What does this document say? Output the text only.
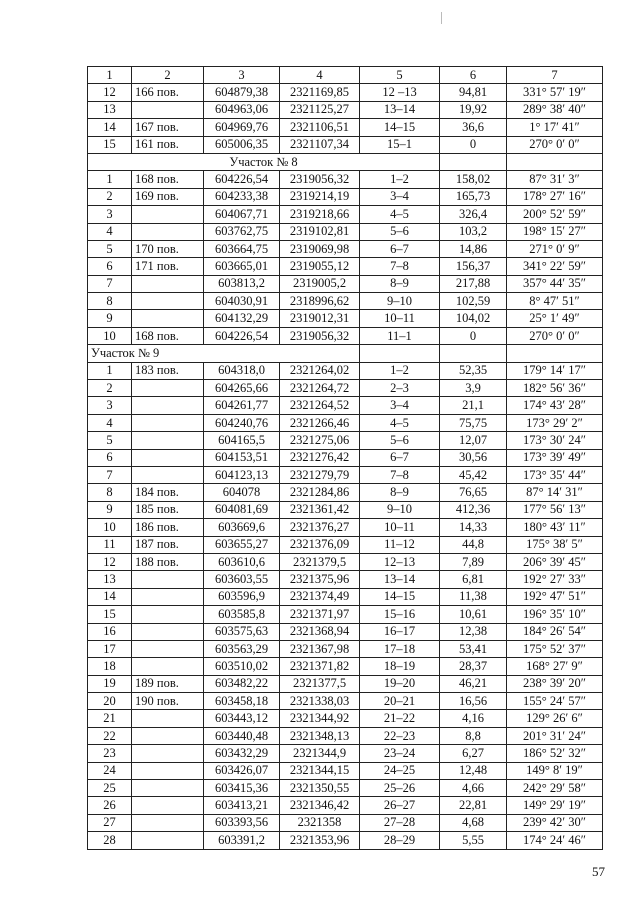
1	2	3	4	5	6	7
12	166 пов.	604879,38	2321169,85	12 –13	94,81	331° 57′ 19″
13		604963,06	2321125,27	13–14	19,92	289° 38′ 40″
14	167 пов.	604969,76	2321106,51	14–15	36,6	1° 17′ 41″
15	161 пов.	605006,35	2321107,34	15–1	0	270° 0′ 0″
Участок № 8						
1	168 пов.	604226,54	2319056,32	1–2	158,02	87° 31′ 3″
2	169 пов.	604233,38	2319214,19	3–4	165,73	178° 27′ 16″
3		604067,71	2319218,66	4–5	326,4	200° 52′ 59″
4		603762,75	2319102,81	5–6	103,2	198° 15′ 27″
5	170 пов.	603664,75	2319069,98	6–7	14,86	271° 0′ 9″
6	171 пов.	603665,01	2319055,12	7–8	156,37	341° 22′ 59″
7		603813,2	2319005,2	8–9	217,88	357° 44′ 35″
8		604030,91	2318996,62	9–10	102,59	8° 47′ 51″
9		604132,29	2319012,31	10–11	104,02	25° 1′ 49″
10	168 пов.	604226,54	2319056,32	11–1	0	270° 0′ 0″
Участок № 9						
1	183 пов.	604318,0	2321264,02	1–2	52,35	179° 14′ 17″
2		604265,66	2321264,72	2–3	3,9	182° 56′ 36″
3		604261,77	2321264,52	3–4	21,1	174° 43′ 28″
4		604240,76	2321266,46	4–5	75,75	173° 29′ 2″
5		604165,5	2321275,06	5–6	12,07	173° 30′ 24″
6		604153,51	2321276,42	6–7	30,56	173° 39′ 49″
7		604123,13	2321279,79	7–8	45,42	173° 35′ 44″
8	184 пов.	604078	2321284,86	8–9	76,65	87° 14′ 31″
9	185 пов.	604081,69	2321361,42	9–10	412,36	177° 56′ 13″
10	186 пов.	603669,6	2321376,27	10–11	14,33	180° 43′ 11″
11	187 пов.	603655,27	2321376,09	11–12	44,8	175° 38′ 5″
12	188 пов.	603610,6	2321379,5	12–13	7,89	206° 39′ 45″
13		603603,55	2321375,96	13–14	6,81	192° 27′ 33″
14		603596,9	2321374,49	14–15	11,38	192° 47′ 51″
15		603585,8	2321371,97	15–16	10,61	196° 35′ 10″
16		603575,63	2321368,94	16–17	12,38	184° 26′ 54″
17		603563,29	2321367,98	17–18	53,41	175° 52′ 37″
18		603510,02	2321371,82	18–19	28,37	168° 27′ 9″
19	189 пов.	603482,22	2321377,5	19–20	46,21	238° 39′ 20″
20	190 пов.	603458,18	2321338,03	20–21	16,56	155° 24′ 57″
21		603443,12	2321344,92	21–22	4,16	129° 26′ 6″
22		603440,48	2321348,13	22–23	8,8	201° 31′ 24″
23		603432,29	2321344,9	23–24	6,27	186° 52′ 32″
24		603426,07	2321344,15	24–25	12,48	149° 8′ 19″
25		603415,36	2321350,55	25–26	4,66	242° 29′ 58″
26		603413,21	2321346,42	26–27	22,81	149° 29′ 19″
27		603393,56	2321358	27–28	4,68	239° 42′ 30″
28		603391,2	2321353,96	28–29	5,55	174° 24′ 46″
57
